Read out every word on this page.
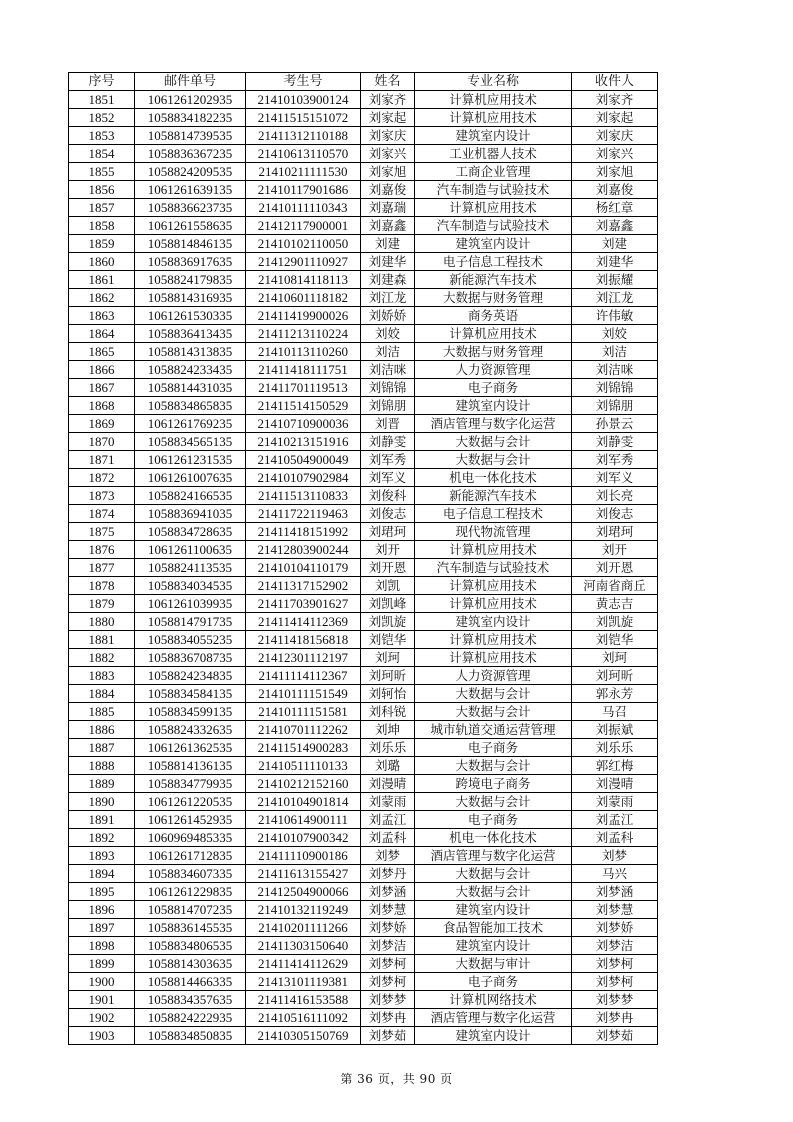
序号	邮件单号	考生号	姓名	专业名称	收件人
1851	1061261202935	21410103900124	刘家齐	计算机应用技术	刘家齐
1852	1058834182235	21411515151072	刘家起	计算机应用技术	刘家起
1853	1058814739535	21411312110188	刘家庆	建筑室内设计	刘家庆
1854	1058836367235	21410613110570	刘家兴	工业机器人技术	刘家兴
1855	1058824209535	21410211111530	刘家旭	工商企业管理	刘家旭
1856	1061261639135	21410117901686	刘嘉俊	汽车制造与试验技术	刘嘉俊
1857	1058836623735	21410111110343	刘嘉瑞	计算机应用技术	杨红章
1858	1061261558635	21412117900001	刘嘉鑫	汽车制造与试验技术	刘嘉鑫
1859	1058814846135	21410102110050	刘建	建筑室内设计	刘建
1860	1058836917635	21412901110927	刘建华	电子信息工程技术	刘建华
1861	1058824179835	21410814118113	刘建森	新能源汽车技术	刘振耀
1862	1058814316935	21410601118182	刘江龙	大数据与财务管理	刘江龙
1863	1061261530335	21411419900026	刘娇娇	商务英语	许伟敏
1864	1058836413435	21411213110224	刘姣	计算机应用技术	刘姣
1865	1058814313835	21410113110260	刘洁	大数据与财务管理	刘洁
1866	1058824233435	21411418111751	刘洁咪	人力资源管理	刘洁咪
1867	1058814431035	21411701119513	刘锦锦	电子商务	刘锦锦
1868	1058834865835	21411514150529	刘锦朋	建筑室内设计	刘锦朋
1869	1061261769235	21410710900036	刘晋	酒店管理与数字化运营	孙景云
1870	1058834565135	21410213151916	刘静雯	大数据与会计	刘静雯
1871	1061261231535	21410504900049	刘军秀	大数据与会计	刘军秀
1872	1061261007635	21410107902984	刘军义	机电一体化技术	刘军义
1873	1058824166535	21411513110833	刘俊科	新能源汽车技术	刘长亮
1874	1058836941035	21411722119463	刘俊志	电子信息工程技术	刘俊志
1875	1058834728635	21411418151992	刘珺珂	现代物流管理	刘珺珂
1876	1061261100635	21412803900244	刘开	计算机应用技术	刘开
1877	1058824113535	21410104110179	刘开恩	汽车制造与试验技术	刘开恩
1878	1058834034535	21411317152902	刘凯	计算机应用技术	河南省商丘
1879	1061261039935	21411703901627	刘凯峰	计算机应用技术	黄志吉
1880	1058814791735	21411414112369	刘凯旋	建筑室内设计	刘凯旋
1881	1058834055235	21411418156818	刘铠华	计算机应用技术	刘铠华
1882	1058836708735	21412301112197	刘珂	计算机应用技术	刘珂
1883	1058824234835	21411114112367	刘珂昕	人力资源管理	刘珂昕
1884	1058834584135	21410111151549	刘轲怡	大数据与会计	郭永芳
1885	1058834599135	21410111151581	刘科锐	大数据与会计	马召
1886	1058824332635	21410701112262	刘坤	城市轨道交通运营管理	刘振斌
1887	1061261362535	21411514900283	刘乐乐	电子商务	刘乐乐
1888	1058814136135	21410511110133	刘璐	大数据与会计	郭红梅
1889	1058834779935	21410212152160	刘漫晴	跨境电子商务	刘漫晴
1890	1061261220535	21410104901814	刘蒙雨	大数据与会计	刘蒙雨
1891	1061261452935	21410614900111	刘孟江	电子商务	刘孟江
1892	1060969485335	21410107900342	刘孟科	机电一体化技术	刘孟科
1893	1061261712835	21411110900186	刘梦	酒店管理与数字化运营	刘梦
1894	1058834607335	21411613155427	刘梦丹	大数据与会计	马兴
1895	1061261229835	21412504900066	刘梦涵	大数据与会计	刘梦涵
1896	1058814707235	21410132119249	刘梦慧	建筑室内设计	刘梦慧
1897	1058836145535	21410201111266	刘梦娇	食品智能加工技术	刘梦娇
1898	1058834806535	21411303150640	刘梦洁	建筑室内设计	刘梦洁
1899	1058814303635	21411414112629	刘梦柯	大数据与审计	刘梦柯
1900	1058814466335	21413101119381	刘梦柯	电子商务	刘梦柯
1901	1058834357635	21411416153588	刘梦梦	计算机网络技术	刘梦梦
1902	1058824222935	21410516111092	刘梦冉	酒店管理与数字化运营	刘梦冉
1903	1058834850835	21410305150769	刘梦茹	建筑室内设计	刘梦茹
第 36 页，共 90 页
